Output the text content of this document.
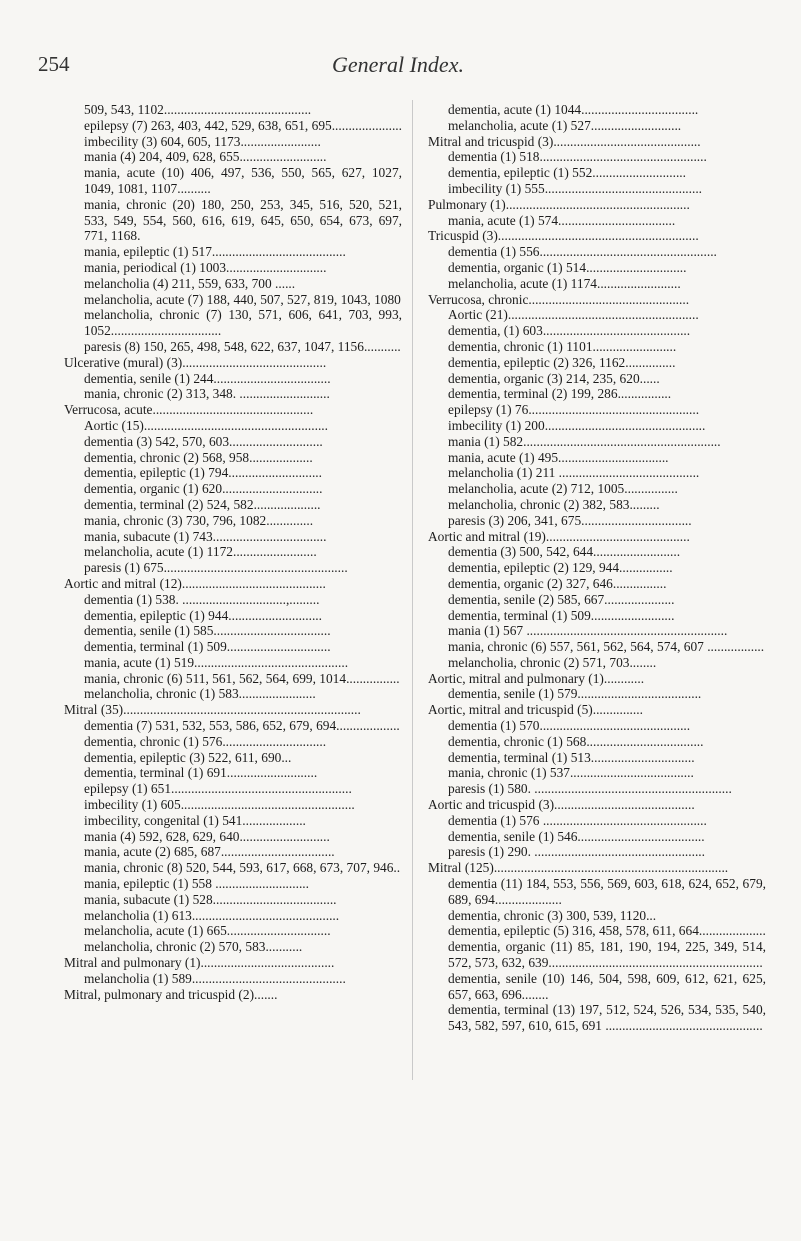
254	General Index.
509, 543, 1102............................................
epilepsy (7) 263, 403, 442, 529, 638, 651, 695.....................
imbecility (3) 604, 605, 1173........................
mania (4) 204, 409, 628, 655..........................
mania, acute (10) 406, 497, 536, 550, 565, 627, 1027, 1049, 1081, 1107..........
mania, chronic (20) 180, 250, 253, 345, 516, 520, 521, 533, 549, 554, 560, 616, 619, 645, 650, 654, 673, 697, 771, 1168.
mania, epileptic (1) 517........................................
mania, periodical (1) 1003..............................
melancholia (4) 211, 559, 633, 700 ......
melancholia, acute (7) 188, 440, 507, 527, 819, 1043, 1080
melancholia, chronic (7) 130, 571, 606, 641, 703, 993, 1052.................................
paresis (8) 150, 265, 498, 548, 622, 637, 1047, 1156...........
Ulcerative (mural) (3)...........................................
dementia, senile (1) 244...................................
mania, chronic (2) 313, 348. ...........................
Verrucosa, acute................................................
Aortic (15).......................................................
dementia (3) 542, 570, 603............................
dementia, chronic (2) 568, 958...................
dementia, epileptic (1) 794............................
dementia, organic (1) 620..............................
dementia, terminal (2) 524, 582....................
mania, chronic (3) 730, 796, 1082..............
mania, subacute (1) 743..................................
melancholia, acute (1) 1172.........................
paresis (1) 675.......................................................
Aortic and mitral (12)...........................................
dementia (1) 538. ...............................,.........
dementia, epileptic (1) 944............................
dementia, senile (1) 585...................................
dementia, terminal (1) 509...............................
mania, acute (1) 519..............................................
mania, chronic (6) 511, 561, 562, 564, 699, 1014................
melancholia, chronic (1) 583.......................
Mitral (35).......................................................................
dementia (7) 531, 532, 553, 586, 652, 679, 694...................
dementia, chronic (1) 576...............................
dementia, epileptic (3) 522, 611, 690...
dementia, terminal (1) 691...........................
epilepsy (1) 651......................................................
imbecility (1) 605....................................................
imbecility, congenital (1) 541...................
mania (4) 592, 628, 629, 640...........................
mania, acute (2) 685, 687..................................
mania, chronic (8) 520, 544, 593, 617, 668, 673, 707, 946..
mania, epileptic (1) 558 ............................
mania, subacute (1) 528.....................................
melancholia (1) 613............................................
melancholia, acute (1) 665...............................
melancholia, chronic (2) 570, 583...........
Mitral and pulmonary (1)........................................
melancholia (1) 589..............................................
Mitral, pulmonary and tricuspid (2).......
dementia, acute (1) 1044...................................
melancholia, acute (1) 527...........................
Mitral and tricuspid (3)............................................
dementia (1) 518..................................................
dementia, epileptic (1) 552............................
imbecility (1) 555...............................................
Pulmonary (1).......................................................
mania, acute (1) 574...................................
Tricuspid (3)............................................................
dementia (1) 556.....................................................
dementia, organic (1) 514..............................
melancholia, acute (1) 1174.........................
Verrucosa, chronic................................................
Aortic (21).........................................................
dementia, (1) 603............................................
dementia, chronic (1) 1101.........................
dementia, epileptic (2) 326, 1162...............
dementia, organic (3) 214, 235, 620......
dementia, terminal (2) 199, 286................
epilepsy (1) 76...................................................
imbecility (1) 200................................................
mania (1) 582...........................................................
mania, acute (1) 495.................................
melancholia (1) 211 ..........................................
melancholia, acute (2) 712, 1005................
melancholia, chronic (2) 382, 583.........
paresis (3) 206, 341, 675.................................
Aortic and mitral (19)...........................................
dementia (3) 500, 542, 644..........................
dementia, epileptic (2) 129, 944................
dementia, organic (2) 327, 646................
dementia, senile (2) 585, 667.....................
dementia, terminal (1) 509.........................
mania (1) 567 ............................................................
mania, chronic (6) 557, 561, 562, 564, 574, 607 .................
melancholia, chronic (2) 571, 703........
Aortic, mitral and pulmonary (1)............
dementia, senile (1) 579.....................................
Aortic, mitral and tricuspid (5)...............
dementia (1) 570.............................................
dementia, chronic (1) 568...................................
dementia, terminal (1) 513...............................
mania, chronic (1) 537.....................................
paresis (1) 580. ...........................................................
Aortic and tricuspid (3)..........................................
dementia (1) 576 .................................................
dementia, senile (1) 546......................................
paresis (1) 290. ...................................................
Mitral (125)......................................................................
dementia (11) 184, 553, 556, 569, 603, 618, 624, 652, 679, 689, 694....................
dementia, chronic (3) 300, 539, 1120...
dementia, epileptic (5) 316, 458, 578, 611, 664....................
dementia, organic (11) 85, 181, 190, 194, 225, 349, 514, 572, 573, 632, 639................................................................
dementia, senile (10) 146, 504, 598, 609, 612, 621, 625, 657, 663, 696........
dementia, terminal (13) 197, 512, 524, 526, 534, 535, 540, 543, 582, 597, 610, 615, 691 ...............................................
